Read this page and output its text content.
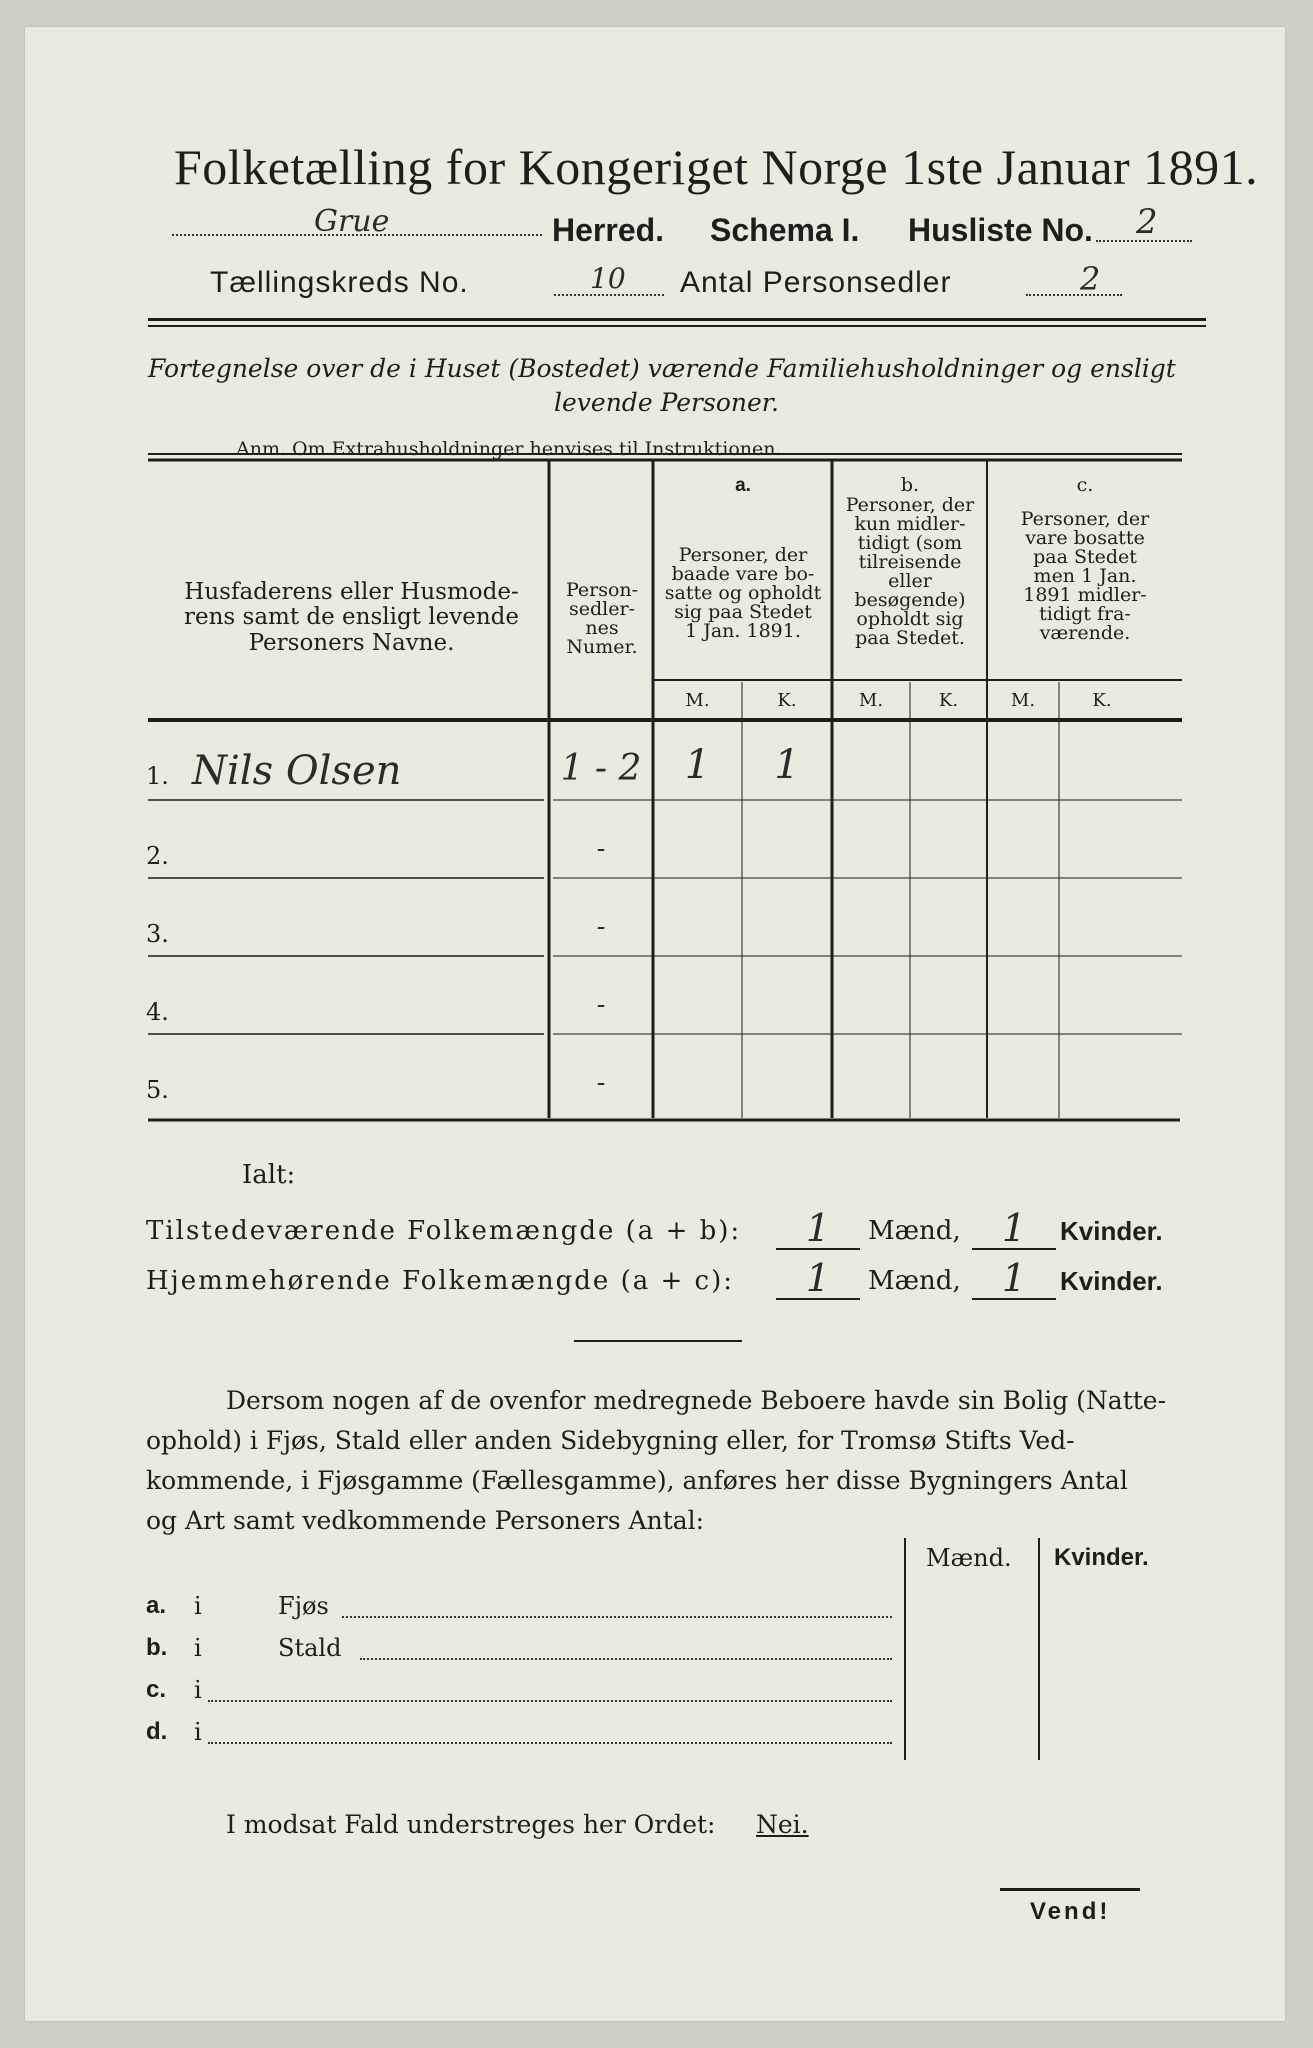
Folketælling for Kongeriget Norge 1ste Januar 1891.
Grue	Herred. Schema I. Husliste No. 2
Tællingskreds No.	10 Antal Personsedler	2
Fortegnelse over de i Huset (Bostedet) værende Familiehusholdninger og ensligt
levende Personer.
Anm. Om Extrahusholdninger henvises til Instruktionen.
Husfaderens eller Husmode-
rens samt de ensligt levende
Personers Navne.
Person-
sedler-
nes
Numer.
a.
Personer, der
baade vare bo-
satte og opholdt
sig paa Stedet
1 Jan. 1891.
b.
Personer, der
kun midler-
tidigt (som
tilreisende
eller
besøgende)
opholdt sig
paa Stedet.
c.
Personer, der
vare bosatte
paa Stedet
men 1 Jan.
1891 midler-
tidigt fra-
værende.
M.	K.	M.	K.	M.	K.
1. Nils Olsen	1 - 2	1	1
2.	-
3.	-
4.	-
5.	-
Ialt:
Tilstedeværende Folkemængde (a + b):	1	Mænd,	1	Kvinder.
Hjemmehørende Folkemængde (a + c):	1	Mænd,	1	Kvinder.
Dersom nogen af de ovenfor medregnede Beboere havde sin Bolig (Natte-
ophold) i Fjøs, Stald eller anden Sidebygning eller, for Tromsø Stifts Ved-
kommende, i Fjøsgamme (Fællesgamme), anføres her disse Bygningers Antal
og Art samt vedkommende Personers Antal:
Mænd. Kvinder.
a. i	Fjøs
b. i	Stald
c. i
d. i
I modsat Fald understreges her Ordet: Nei.
Vend!
